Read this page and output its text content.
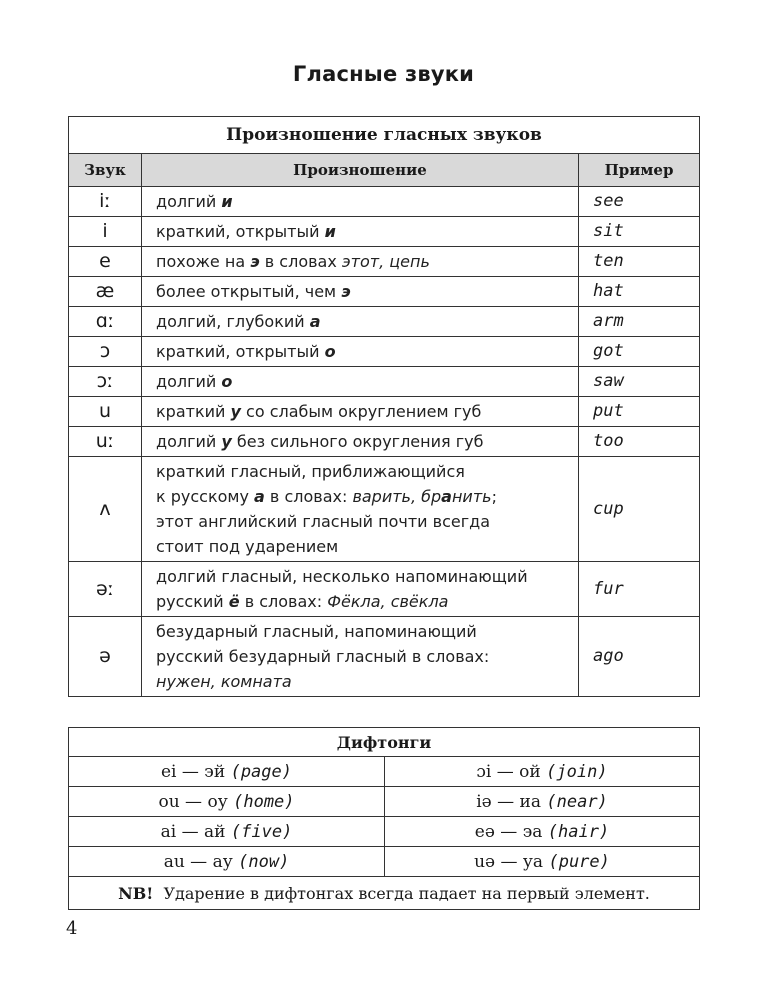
Гласные звуки
Произношение гласных звуков		
Звук	Произношение	Пример
iː	долгий и	see
i	краткий, открытый и	sit
e	похоже на э в словах этот, цепь	ten
æ	более открытый, чем э	hat
ɑː	долгий, глубокий а	arm
ɔ	краткий, открытый о	got
ɔː	долгий о	saw
u	краткий у со слабым округлением губ	put
uː	долгий у без сильного округления губ	too
ʌ	краткий гласный, приближающийся
к русскому а в словах: варить, бранить;
этот английский гласный почти всегда
стоит под ударением	cup
əː	долгий гласный, несколько напоминающий
русский ё в словах: Фёкла, свёкла	fur
ə	безударный гласный, напоминающий
русский безударный гласный в словах:
нужен, комната	ago
Дифтонги	
ei — эй (page)	ɔi — ой (join)
ou — оу (home)	iə — иа (near)
ai — ай (five)	eə — эа (hair)
au — ау (now)	uə — уа (pure)
NB! Ударение в дифтонгах всегда падает на первый элемент.	
4
